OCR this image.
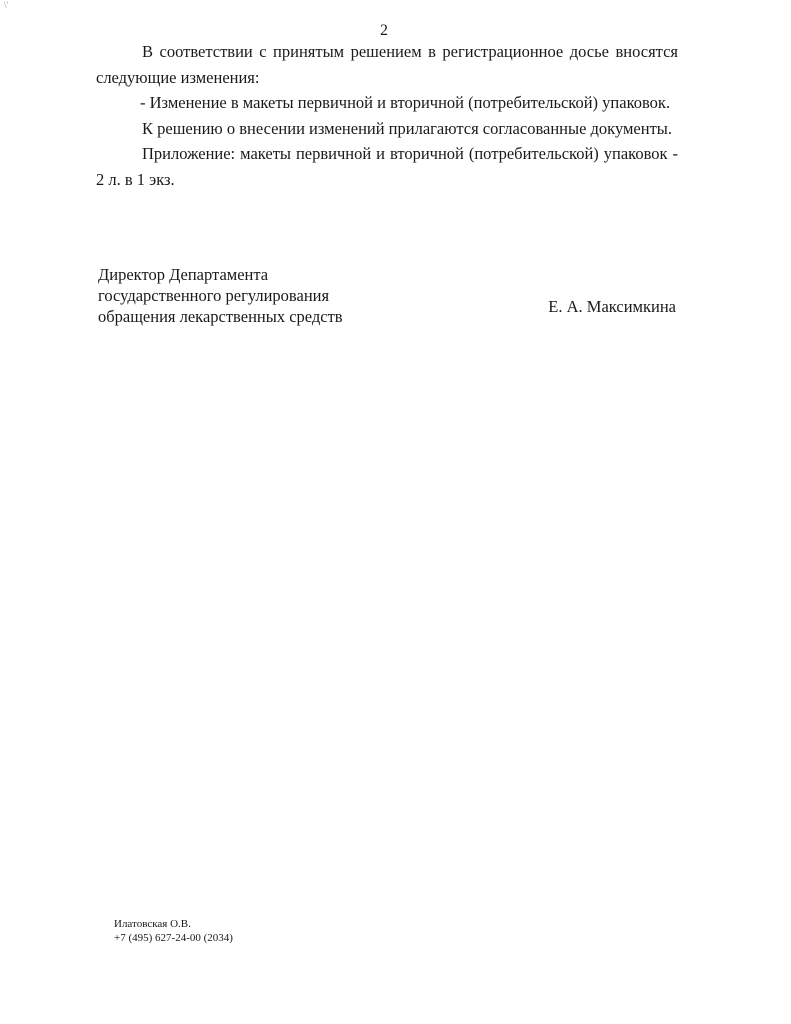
\'
2

В соответствии с принятым решением в регистрационное досье вносятся следующие изменения:

- Изменение в макеты первичной и вторичной (потребительской) упаковок.

К решению о внесении изменений прилагаются согласованные документы.

Приложение: макеты первичной и вторичной (потребительской) упаковок - 2 л. в 1 экз.

Директор Департамента
государственного регулирования
обращения лекарственных средств
Е. А. Максимкина
Илатовская О.В.
+7 (495) 627-24-00 (2034)
